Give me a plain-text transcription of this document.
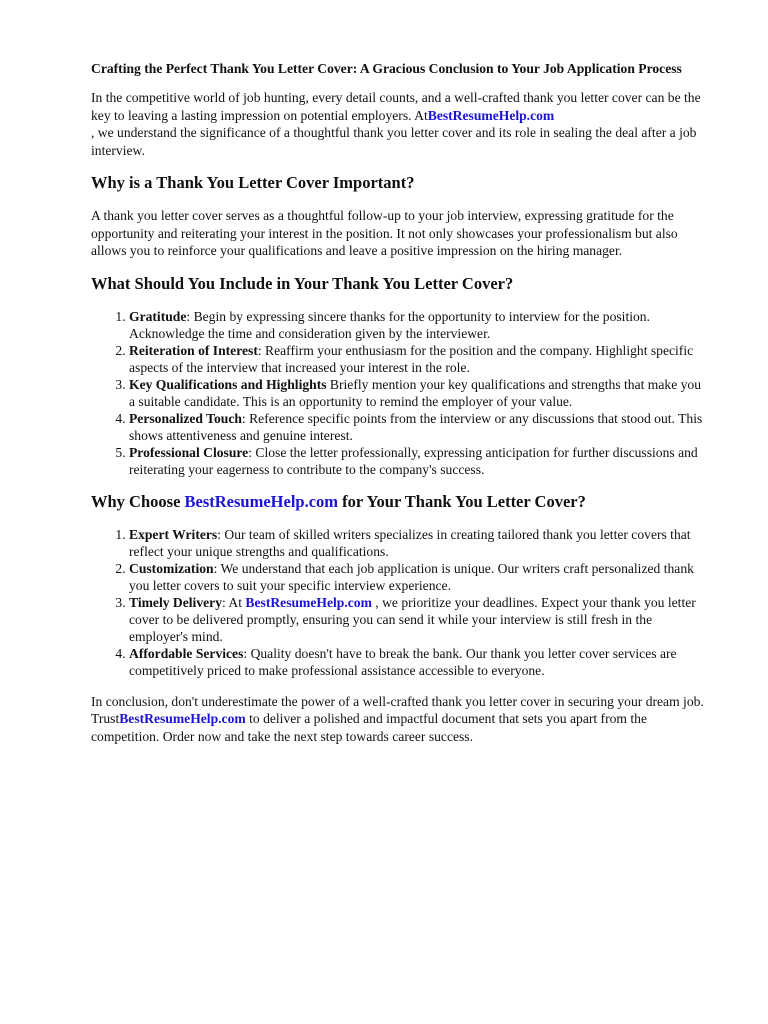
Crafting the Perfect Thank You Letter Cover: A Gracious Conclusion to Your Job Application Process

In the competitive world of job hunting, every detail counts, and a well-crafted thank you letter cover can be the key to leaving a lasting impression on potential employers. AtBestResumeHelp.com
, we understand the significance of a thoughtful thank you letter cover and its role in sealing the deal after a job interview.

Why is a Thank You Letter Cover Important?

A thank you letter cover serves as a thoughtful follow-up to your job interview, expressing gratitude for the opportunity and reiterating your interest in the position. It not only showcases your professionalism but also allows you to reinforce your qualifications and leave a positive impression on the hiring manager.

What Should You Include in Your Thank You Letter Cover?
1. Gratitude: Begin by expressing sincere thanks for the opportunity to interview for the position. Acknowledge the time and consideration given by the interviewer.
2. Reiteration of Interest: Reaffirm your enthusiasm for the position and the company. Highlight specific aspects of the interview that increased your interest in the role.
3. Key Qualifications and Highlights Briefly mention your key qualifications and strengths that make you a suitable candidate. This is an opportunity to remind the employer of your value.
4. Personalized Touch: Reference specific points from the interview or any discussions that stood out. This shows attentiveness and genuine interest.
5. Professional Closure: Close the letter professionally, expressing anticipation for further discussions and reiterating your eagerness to contribute to the company's success.
Why Choose BestResumeHelp.com for Your Thank You Letter Cover?
1. Expert Writers: Our team of skilled writers specializes in creating tailored thank you letter covers that reflect your unique strengths and qualifications.
2. Customization: We understand that each job application is unique. Our writers craft personalized thank you letter covers to suit your specific interview experience.
3. Timely Delivery: At BestResumeHelp.com , we prioritize your deadlines. Expect your thank you letter cover to be delivered promptly, ensuring you can send it while your interview is still fresh in the employer's mind.
4. Affordable Services: Quality doesn't have to break the bank. Our thank you letter cover services are competitively priced to make professional assistance accessible to everyone.

In conclusion, don't underestimate the power of a well-crafted thank you letter cover in securing your dream job. TrustBestResumeHelp.com to deliver a polished and impactful document that sets you apart from the competition. Order now and take the next step towards career success.
